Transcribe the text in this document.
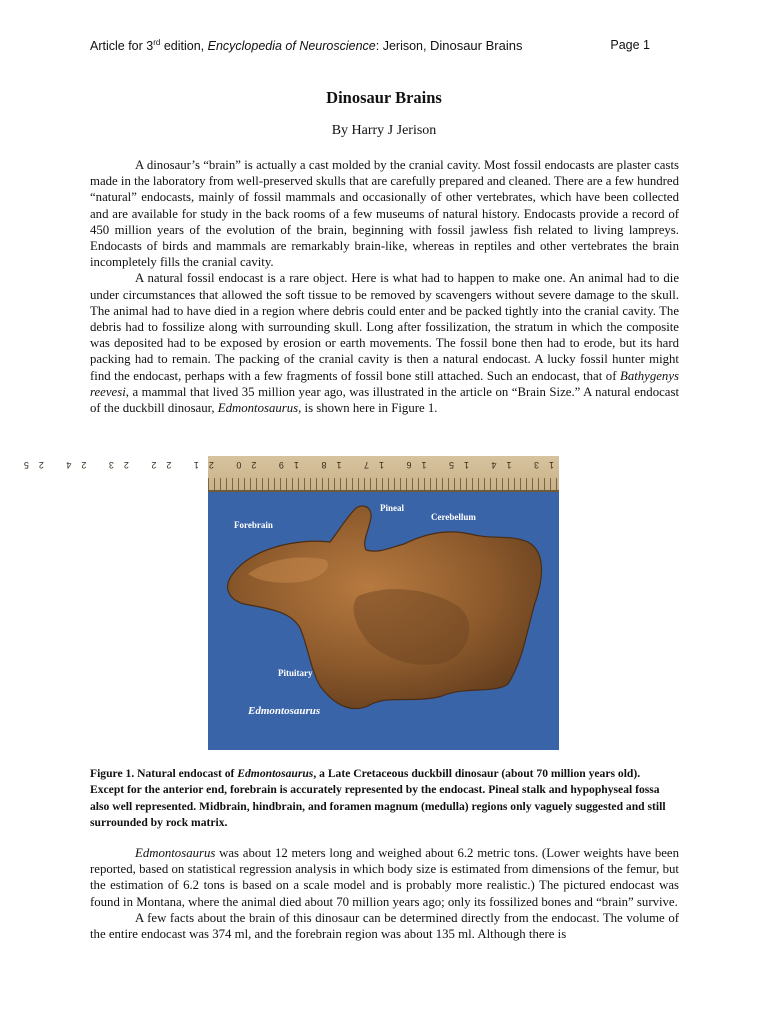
Article for 3rd edition, Encyclopedia of Neuroscience: Jerison, Dinosaur Brains	Page 1
Dinosaur Brains
By Harry J Jerison

A dinosaur’s “brain” is actually a cast molded by the cranial cavity. Most fossil endocasts are plaster casts made in the laboratory from well-preserved skulls that are carefully prepared and cleaned. There are a few hundred “natural” endocasts, mainly of fossil mammals and occasionally of other vertebrates, which have been collected and are available for study in the back rooms of a few museums of natural history. Endocasts provide a record of 450 million years of the evolution of the brain, beginning with fossil jawless fish related to living lampreys. Endocasts of birds and mammals are remarkably brain-like, whereas in reptiles and other vertebrates the brain incompletely fills the cranial cavity.

A natural fossil endocast is a rare object. Here is what had to happen to make one. An animal had to die under circumstances that allowed the soft tissue to be removed by scavengers without severe damage to the skull. The animal had to have died in a region where debris could enter and be packed tightly into the cranial cavity. The debris had to fossilize along with surrounding skull. Long after fossilization, the stratum in which the composite was deposited had to be exposed by erosion or earth movements. The fossil bone then had to erode, but its hard packing had to remain. The packing of the cranial cavity is then a natural endocast. A lucky fossil hunter might find the endocast, perhaps with a few fragments of fossil bone still attached. Such an endocast, that of Bathygenys reevesi, a mammal that lived 35 million year ago, was illustrated in the article on “Brain Size.” A natural endocast of the duckbill dinosaur, Edmontosaurus, is shown here in Figure 1.

13 14 15 16 17 18 19 20 21 22 23 24 25
Forebrain
Pineal
Cerebellum
Pituitary
Edmontosaurus
Figure 1. Natural endocast of Edmontosaurus, a Late Cretaceous duckbill dinosaur (about 70 million years old). Except for the anterior end, forebrain is accurately represented by the endocast. Pineal stalk and hypophyseal fossa also well represented. Midbrain, hindbrain, and foramen magnum (medulla) regions only vaguely suggested and still surrounded by rock matrix.

Edmontosaurus was about 12 meters long and weighed about 6.2 metric tons. (Lower weights have been reported, based on statistical regression analysis in which body size is estimated from dimensions of the femur, but the estimation of 6.2 tons is based on a scale model and is probably more realistic.) The pictured endocast was found in Montana, where the animal died about 70 million years ago; only its fossilized bones and “brain” survive.

A few facts about the brain of this dinosaur can be determined directly from the endocast. The volume of the entire endocast was 374 ml, and the forebrain region was about 135 ml. Although there is
